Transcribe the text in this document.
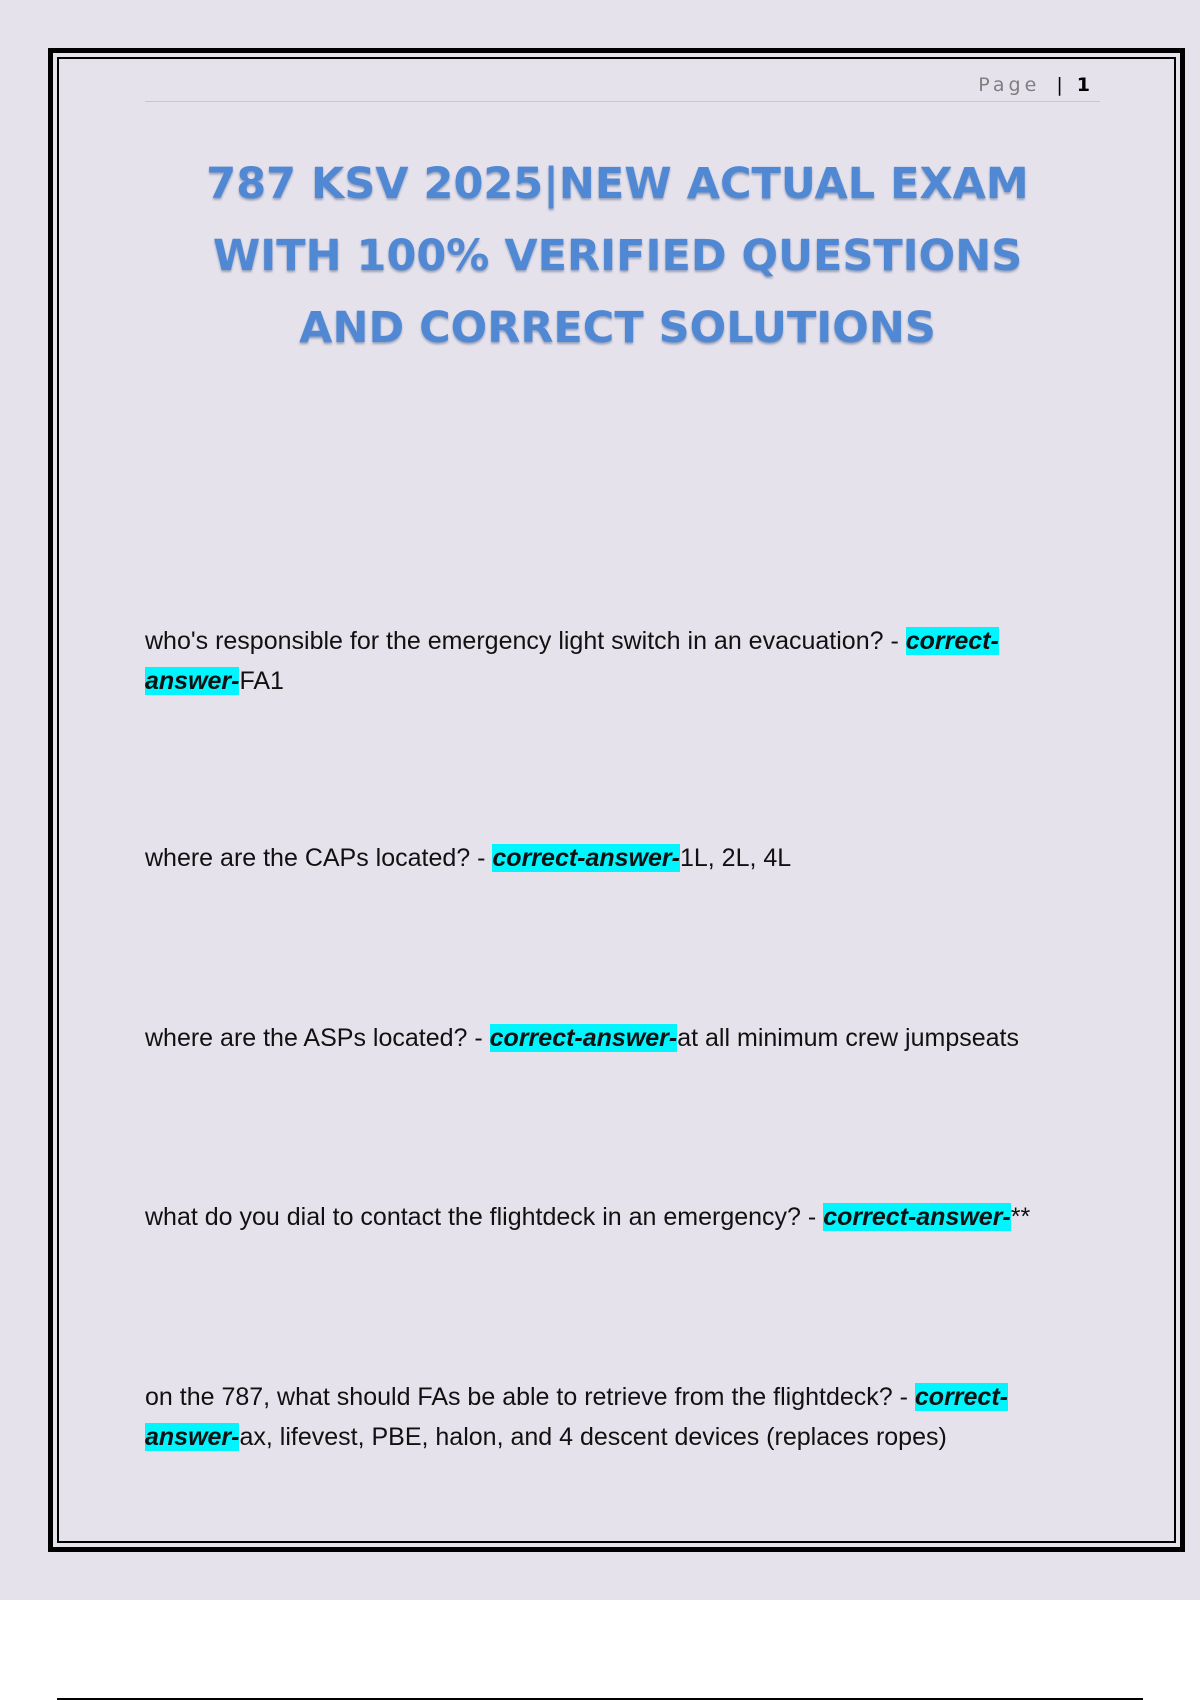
Page | 1
787 KSV 2025|NEW ACTUAL EXAM
WITH 100% VERIFIED QUESTIONS
AND CORRECT SOLUTIONS
who's responsible for the emergency light switch in an evacuation? - correct-answer-FA1
where are the CAPs located? - correct-answer-1L, 2L, 4L
where are the ASPs located? - correct-answer-at all minimum crew jumpseats
what do you dial to contact the flightdeck in an emergency? - correct-answer-**
on the 787, what should FAs be able to retrieve from the flightdeck? - correct-answer-ax, lifevest, PBE, halon, and 4 descent devices (replaces ropes)
